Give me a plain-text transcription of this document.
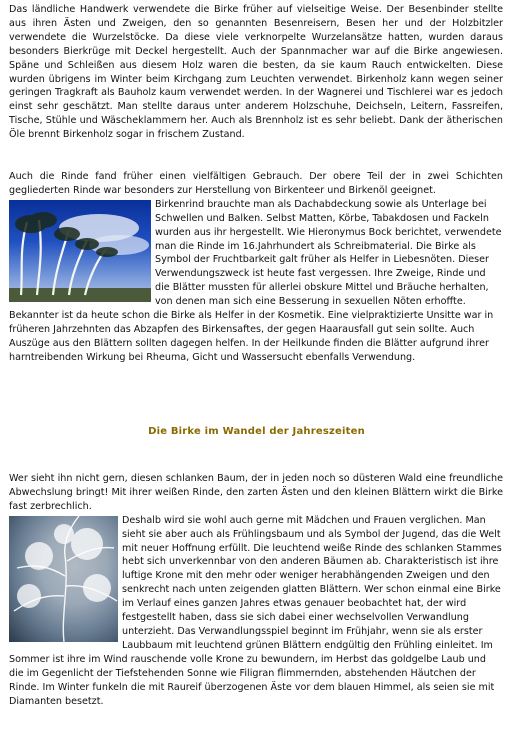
Das ländliche Handwerk verwendete die Birke früher auf vielseitige Weise. Der Besenbinder stellte aus ihren Ästen und Zweigen, den so genannten Besenreisern, Besen her und der Holzbitzler verwendete die Wurzelstöcke. Da diese viele verknorpelte Wurzelansätze hatten, wurden daraus besonders Bierkrüge mit Deckel hergestellt. Auch der Spannmacher war auf die Birke angewiesen. Späne und Schleißen aus diesem Holz waren die besten, da sie kaum Rauch entwickelten. Diese wurden übrigens im Winter beim Kirchgang zum Leuchten verwendet. Birkenholz kann wegen seiner geringen Tragkraft als Bauholz kaum verwendet werden. In der Wagnerei und Tischlerei war es jedoch einst sehr geschätzt. Man stellte daraus unter anderem Holzschuhe, Deichseln, Leitern, Fassreifen, Tische, Stühle und Wäscheklammern her. Auch als Brennholz ist es sehr beliebt. Dank der ätherischen Öle brennt Birkenholz sogar in frischem Zustand.

Auch die Rinde fand früher einen vielfältigen Gebrauch. Der obere Teil der in zwei Schichten gegliederten Rinde war besonders zur Herstellung von Birkenteer und Birkenöl geeignet.
Birkenrind brauchte man als Dachabdeckung sowie als Unterlage bei Schwellen und Balken. Selbst Matten, Körbe, Tabakdosen und Fackeln wurden aus ihr hergestellt. Wie Hieronymus Bock berichtet, verwendete man die Rinde im 16.Jahrhundert als Schreibmaterial. Die Birke als Symbol der Fruchtbarkeit galt früher als Helfer in Liebesnöten. Dieser Verwendungszweck ist heute fast vergessen. Ihre Zweige, Rinde und die Blätter mussten für allerlei obskure Mittel und Bräuche herhalten, von denen man sich eine Besserung in sexuellen Nöten erhoffte. Bekannter ist da heute schon die Birke als Helfer in der Kosmetik. Eine vielpraktizierte Unsitte war in früheren Jahrzehnten das Abzapfen des Birkensaftes, der gegen Haarausfall gut sein sollte. Auch Auszüge aus den Blättern sollten dagegen helfen. In der Heilkunde finden die Blätter aufgrund ihrer harntreibenden Wirkung bei Rheuma, Gicht und Wassersucht ebenfalls Verwendung.
Die Birke im Wandel der Jahreszeiten
Wer sieht ihn nicht gern, diesen schlanken Baum, der in jeden noch so düsteren Wald eine freundliche Abwechslung bringt! Mit ihrer weißen Rinde, den zarten Ästen und den kleinen Blättern wirkt die Birke fast zerbrechlich.
Deshalb wird sie wohl auch gerne mit Mädchen und Frauen verglichen. Man sieht sie aber auch als Frühlingsbaum und als Symbol der Jugend, das die Welt mit neuer Hoffnung erfüllt. Die leuchtend weiße Rinde des schlanken Stammes hebt sich unverkennbar von den anderen Bäumen ab. Charakteristisch ist ihre luftige Krone mit den mehr oder weniger herabhängenden Zweigen und den senkrecht nach unten zeigenden glatten Blättern. Wer schon einmal eine Birke im Verlauf eines ganzen Jahres etwas genauer beobachtet hat, der wird festgestellt haben, dass sie sich dabei einer wechselvollen Verwandlung unterzieht. Das Verwandlungsspiel beginnt im Frühjahr, wenn sie als erster Laubbaum mit leuchtend grünen Blättern endgültig den Frühling einleitet. Im Sommer ist ihre im Wind rauschende volle Krone zu bewundern, im Herbst das goldgelbe Laub und die im Gegenlicht der Tiefstehenden Sonne wie Filigran flimmernden, abstehenden Häutchen der Rinde. Im Winter funkeln die mit Raureif überzogenen Äste vor dem blauen Himmel, als seien sie mit Diamanten besetzt.
